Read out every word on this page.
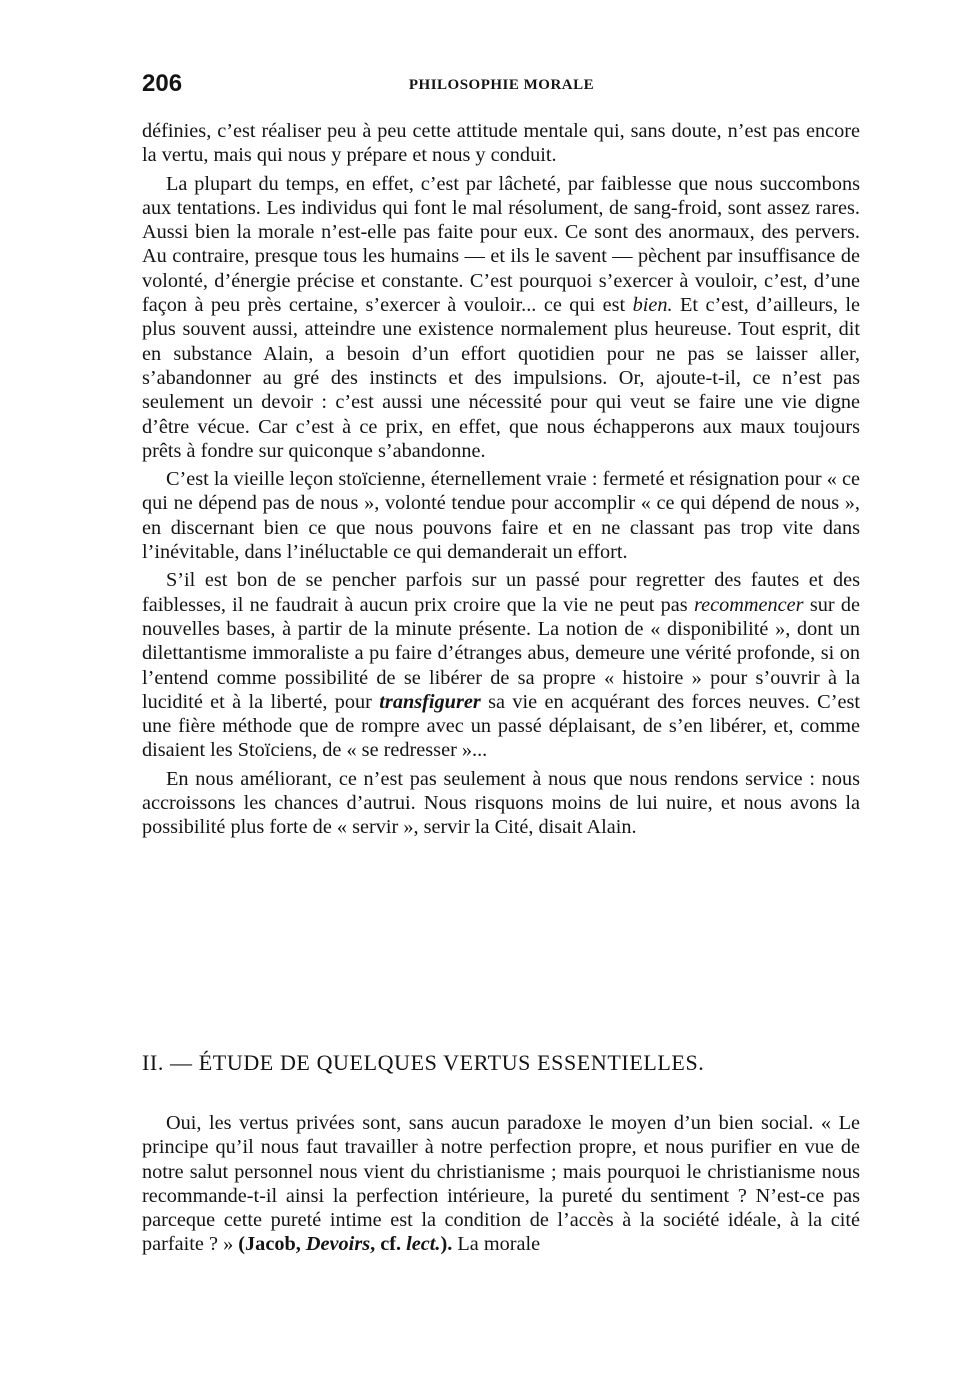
206	PHILOSOPHIE MORALE

définies, c’est réaliser peu à peu cette attitude mentale qui, sans doute, n’est pas encore la vertu, mais qui nous y prépare et nous y conduit.

La plupart du temps, en effet, c’est par lâcheté, par faiblesse que nous succombons aux tentations. Les individus qui font le mal résolument, de sang-froid, sont assez rares. Aussi bien la morale n’est-elle pas faite pour eux. Ce sont des anormaux, des pervers. Au contraire, presque tous les humains — et ils le savent — pèchent par insuffisance de volonté, d’énergie précise et constante. C’est pourquoi s’exercer à vouloir, c’est, d’une façon à peu près certaine, s’exercer à vouloir... ce qui est bien. Et c’est, d’ailleurs, le plus souvent aussi, atteindre une existence normalement plus heureuse. Tout esprit, dit en substance Alain, a besoin d’un effort quotidien pour ne pas se laisser aller, s’abandonner au gré des instincts et des impulsions. Or, ajoute-t-il, ce n’est pas seulement un devoir : c’est aussi une nécessité pour qui veut se faire une vie digne d’être vécue. Car c’est à ce prix, en effet, que nous échapperons aux maux toujours prêts à fondre sur quiconque s’abandonne.

C’est la vieille leçon stoïcienne, éternellement vraie : fermeté et résignation pour « ce qui ne dépend pas de nous », volonté tendue pour accomplir « ce qui dépend de nous », en discernant bien ce que nous pouvons faire et en ne classant pas trop vite dans l’inévitable, dans l’inéluctable ce qui demanderait un effort.

S’il est bon de se pencher parfois sur un passé pour regretter des fautes et des faiblesses, il ne faudrait à aucun prix croire que la vie ne peut pas recommencer sur de nouvelles bases, à partir de la minute présente. La notion de « disponibilité », dont un dilettantisme immoraliste a pu faire d’étranges abus, demeure une vérité profonde, si on l’entend comme possibilité de se libérer de sa propre « histoire » pour s’ouvrir à la lucidité et à la liberté, pour transfigurer sa vie en acquérant des forces neuves. C’est une fière méthode que de rompre avec un passé déplaisant, de s’en libérer, et, comme disaient les Stoïciens, de « se redresser »...

En nous améliorant, ce n’est pas seulement à nous que nous rendons service : nous accroissons les chances d’autrui. Nous risquons moins de lui nuire, et nous avons la possibilité plus forte de « servir », servir la Cité, disait Alain.

II. — ÉTUDE DE QUELQUES VERTUS ESSENTIELLES.

Oui, les vertus privées sont, sans aucun paradoxe le moyen d’un bien social. « Le principe qu’il nous faut travailler à notre perfection propre, et nous purifier en vue de notre salut personnel nous vient du christianisme ; mais pourquoi le christianisme nous recommande-t-il ainsi la perfection intérieure, la pureté du sentiment ? N’est-ce pas parceque cette pureté intime est la condition de l’accès à la société idéale, à la cité parfaite ? » (Jacob, Devoirs, cf. lect.). La morale
